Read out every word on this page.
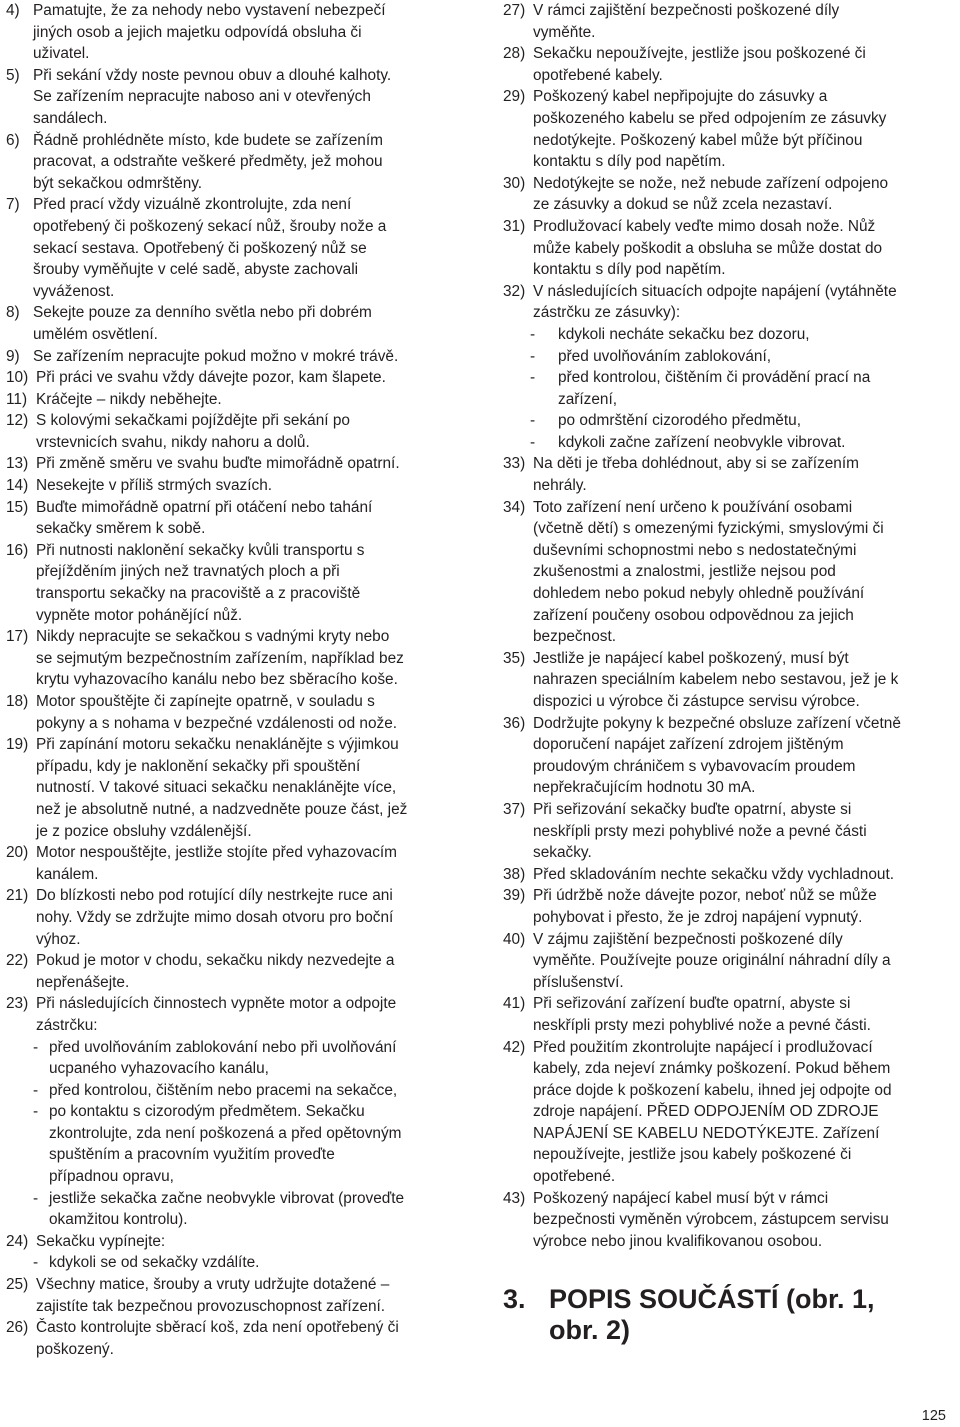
4) Pamatujte, že za nehody nebo vystavení nebezpečí
jiných osob a jejich majetku odpovídá obsluha či
uživatel.
5) Při sekání vždy noste pevnou obuv a dlouhé kalhoty.
Se zařízením nepracujte naboso ani v otevřených
sandálech.
6) Řádně prohlédněte místo, kde budete se zařízením
pracovat, a odstraňte veškeré předměty, jež mohou
být sekačkou odmrštěny.
7) Před prací vždy vizuálně zkontrolujte, zda není
opotřebený či poškozený sekací nůž, šrouby nože a
sekací sestava. Opotřebený či poškozený nůž se
šrouby vyměňujte v celé sadě, abyste zachovali
vyváženost.
8) Sekejte pouze za denního světla nebo při dobrém
umělém osvětlení.
9) Se zařízením nepracujte pokud možno v mokré trávě.
10) Při práci ve svahu vždy dávejte pozor, kam šlapete.
11) Kráčejte – nikdy neběhejte.
12) S kolovými sekačkami pojíždějte při sekání po
vrstevnicích svahu, nikdy nahoru a dolů.
13) Při změně směru ve svahu buďte mimořádně opatrní.
14) Nesekejte v příliš strmých svazích.
15) Buďte mimořádně opatrní při otáčení nebo tahání
sekačky směrem k sobě.
16) Při nutnosti naklonění sekačky kvůli transportu s
přejížděním jiných než travnatých ploch a při
transportu sekačky na pracoviště a z pracoviště
vypněte motor pohánějící nůž.
17) Nikdy nepracujte se sekačkou s vadnými kryty nebo
se sejmutým bezpečnostním zařízením, například bez
krytu vyhazovacího kanálu nebo bez sběracího koše.
18) Motor spouštějte či zapínejte opatrně, v souladu s
pokyny a s nohama v bezpečné vzdálenosti od nože.
19) Při zapínání motoru sekačku nenaklánějte s výjimkou
případu, kdy je naklonění sekačky při spouštění
nutností. V takové situaci sekačku nenaklánějte více,
než je absolutně nutné, a nadzvedněte pouze část, jež
je z pozice obsluhy vzdálenější.
20) Motor nespouštějte, jestliže stojíte před vyhazovacím
kanálem.
21) Do blízkosti nebo pod rotující díly nestrkejte ruce ani
nohy. Vždy se zdržujte mimo dosah otvoru pro boční
výhoz.
22) Pokud je motor v chodu, sekačku nikdy nezvedejte a
nepřenášejte.
23) Při následujících činnostech vypněte motor a odpojte
zástrčku:
- před uvolňováním zablokování nebo při uvolňování
ucpaného vyhazovacího kanálu,
- před kontrolou, čištěním nebo pracemi na sekačce,
- po kontaktu s cizorodým předmětem. Sekačku
zkontrolujte, zda není poškozená a před opětovným
spuštěním a pracovním využitím proveďte
případnou opravu,
- jestliže sekačka začne neobvykle vibrovat (proveďte
okamžitou kontrolu).
24) Sekačku vypínejte:
- kdykoli se od sekačky vzdálíte.
25) Všechny matice, šrouby a vruty udržujte dotažené –
zajistíte tak bezpečnou provozuschopnost zařízení.
26) Často kontrolujte sběrací koš, zda není opotřebený či
poškozený.
27) V rámci zajištění bezpečnosti poškozené díly
vyměňte.
28) Sekačku nepoužívejte, jestliže jsou poškozené či
opotřebené kabely.
29) Poškozený kabel nepřipojujte do zásuvky a
poškozeného kabelu se před odpojením ze zásuvky
nedotýkejte. Poškozený kabel může být příčinou
kontaktu s díly pod napětím.
30) Nedotýkejte se nože, než nebude zařízení odpojeno
ze zásuvky a dokud se nůž zcela nezastaví.
31) Prodlužovací kabely veďte mimo dosah nože. Nůž
může kabely poškodit a obsluha se může dostat do
kontaktu s díly pod napětím.
32) V následujících situacích odpojte napájení (vytáhněte
zástrčku ze zásuvky):
- kdykoli necháte sekačku bez dozoru,
- před uvolňováním zablokování,
- před kontrolou, čištěním či provádění prací na
zařízení,
- po odmrštění cizorodého předmětu,
- kdykoli začne zařízení neobvykle vibrovat.
33) Na děti je třeba dohlédnout, aby si se zařízením
nehrály.
34) Toto zařízení není určeno k používání osobami
(včetně dětí) s omezenými fyzickými, smyslovými či
duševními schopnostmi nebo s nedostatečnými
zkušenostmi a znalostmi, jestliže nejsou pod
dohledem nebo pokud nebyly ohledně používání
zařízení poučeny osobou odpovědnou za jejich
bezpečnost.
35) Jestliže je napájecí kabel poškozený, musí být
nahrazen speciálním kabelem nebo sestavou, jež je k
dispozici u výrobce či zástupce servisu výrobce.
36) Dodržujte pokyny k bezpečné obsluze zařízení včetně
doporučení napájet zařízení zdrojem jištěným
proudovým chráničem s vybavovacím proudem
nepřekračujícím hodnotu 30 mA.
37) Při seřizování sekačky buďte opatrní, abyste si
neskřípli prsty mezi pohyblivé nože a pevné části
sekačky.
38) Před skladováním nechte sekačku vždy vychladnout.
39) Při údržbě nože dávejte pozor, neboť nůž se může
pohybovat i přesto, že je zdroj napájení vypnutý.
40) V zájmu zajištění bezpečnosti poškozené díly
vyměňte. Používejte pouze originální náhradní díly a
příslušenství.
41) Při seřizování zařízení buďte opatrní, abyste si
neskřípli prsty mezi pohyblivé nože a pevné části.
42) Před použitím zkontrolujte napájecí i prodlužovací
kabely, zda nejeví známky poškození. Pokud během
práce dojde k poškození kabelu, ihned jej odpojte od
zdroje napájení. PŘED ODPOJENÍM OD ZDROJE
NAPÁJENÍ SE KABELU NEDOTÝKEJTE. Zařízení
nepoužívejte, jestliže jsou kabely poškozené či
opotřebené.
43) Poškozený napájecí kabel musí být v rámci
bezpečnosti vyměněn výrobcem, zástupcem servisu
výrobce nebo jinou kvalifikovanou osobou.
3. POPIS SOUČÁSTÍ (obr. 1,
obr. 2)
125
